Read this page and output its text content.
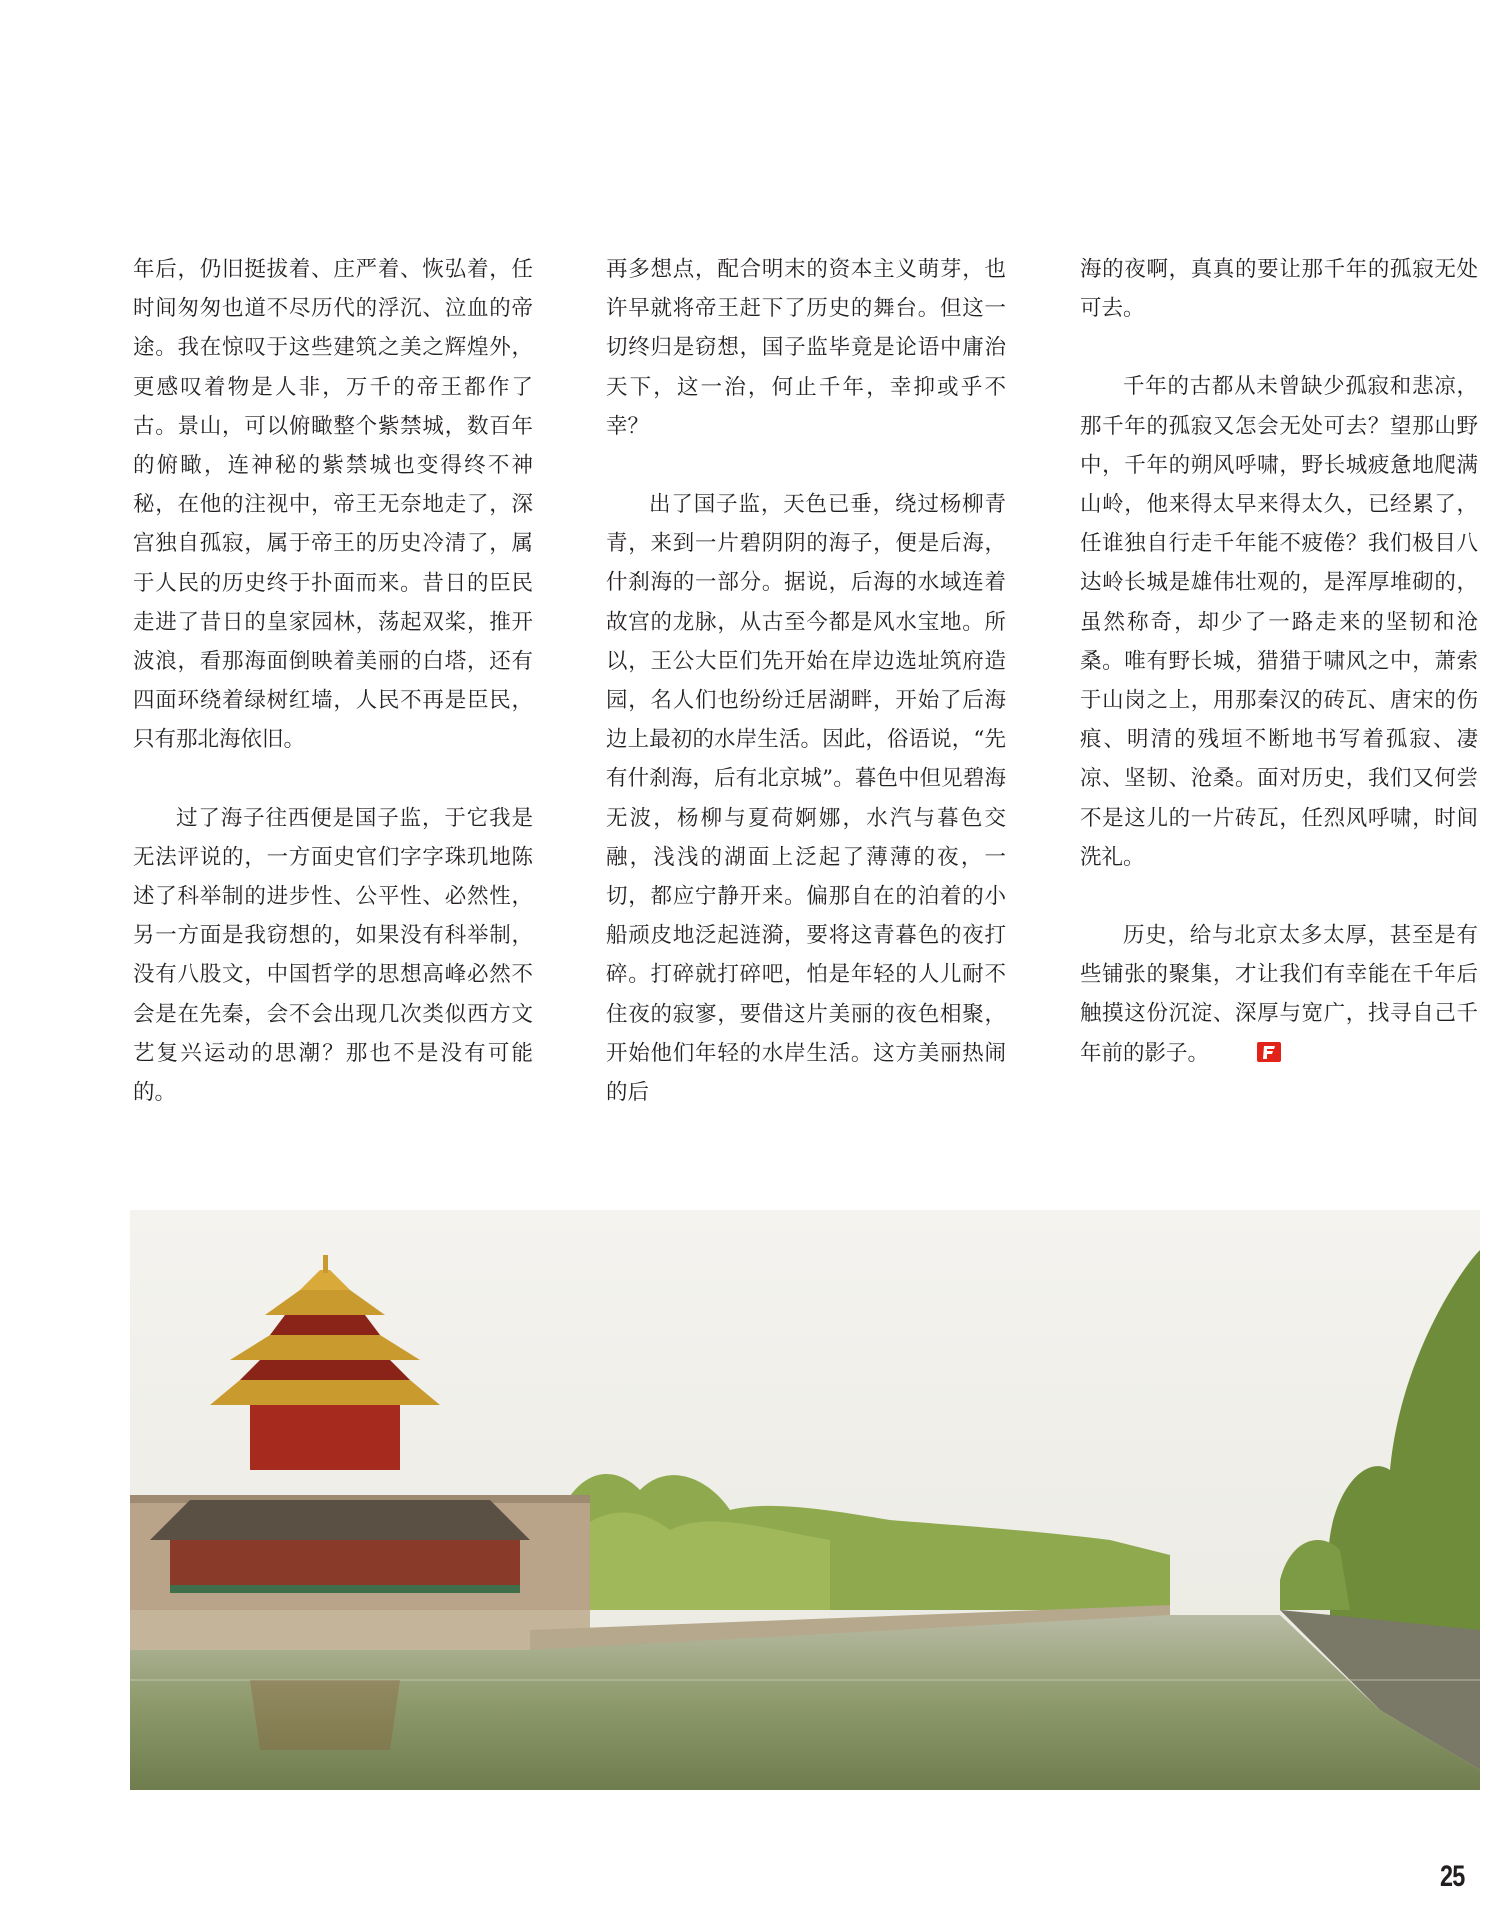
年后，仍旧挺拔着、庄严着、恢弘着，任时间匆匆也道不尽历代的浮沉、泣血的帝途。我在惊叹于这些建筑之美之辉煌外，更感叹着物是人非，万千的帝王都作了古。景山，可以俯瞰整个紫禁城，数百年的俯瞰，连神秘的紫禁城也变得终不神秘，在他的注视中，帝王无奈地走了，深宫独自孤寂，属于帝王的历史冷清了，属于人民的历史终于扑面而来。昔日的臣民走进了昔日的皇家园林，荡起双桨，推开波浪，看那海面倒映着美丽的白塔，还有四面环绕着绿树红墙，人民不再是臣民，只有那北海依旧。

过了海子往西便是国子监，于它我是无法评说的，一方面史官们字字珠玑地陈述了科举制的进步性、公平性、必然性，另一方面是我窃想的，如果没有科举制，没有八股文，中国哲学的思想高峰必然不会是在先秦，会不会出现几次类似西方文艺复兴运动的思潮？那也不是没有可能的。

再多想点，配合明末的资本主义萌芽，也许早就将帝王赶下了历史的舞台。但这一切终归是窃想，国子监毕竟是论语中庸治天下，这一治，何止千年，幸抑或乎不幸？

出了国子监，天色已垂，绕过杨柳青青，来到一片碧阴阴的海子，便是后海，什刹海的一部分。据说，后海的水域连着故宫的龙脉，从古至今都是风水宝地。所以，王公大臣们先开始在岸边选址筑府造园，名人们也纷纷迁居湖畔，开始了后海边上最初的水岸生活。因此，俗语说，“先有什刹海，后有北京城”。暮色中但见碧海无波，杨柳与夏荷婀娜，水汽与暮色交融，浅浅的湖面上泛起了薄薄的夜，一切，都应宁静开来。偏那自在的泊着的小船顽皮地泛起涟漪，要将这青暮色的夜打碎。打碎就打碎吧，怕是年轻的人儿耐不住夜的寂寥，要借这片美丽的夜色相聚，开始他们年轻的水岸生活。这方美丽热闹的后

海的夜啊，真真的要让那千年的孤寂无处可去。

千年的古都从未曾缺少孤寂和悲凉，那千年的孤寂又怎会无处可去？望那山野中，千年的朔风呼啸，野长城疲惫地爬满山岭，他来得太早来得太久，已经累了，任谁独自行走千年能不疲倦？我们极目八达岭长城是雄伟壮观的，是浑厚堆砌的，虽然称奇，却少了一路走来的坚韧和沧桑。唯有野长城，猎猎于啸风之中，萧索于山岗之上，用那秦汉的砖瓦、唐宋的伤痕、明清的残垣不断地书写着孤寂、凄凉、坚韧、沧桑。面对历史，我们又何尝不是这儿的一片砖瓦，任烈风呼啸，时间洗礼。

历史，给与北京太多太厚，甚至是有些铺张的聚集，才让我们有幸能在千年后触摸这份沉淀、深厚与宽广，找寻自己千年前的影子。

25
